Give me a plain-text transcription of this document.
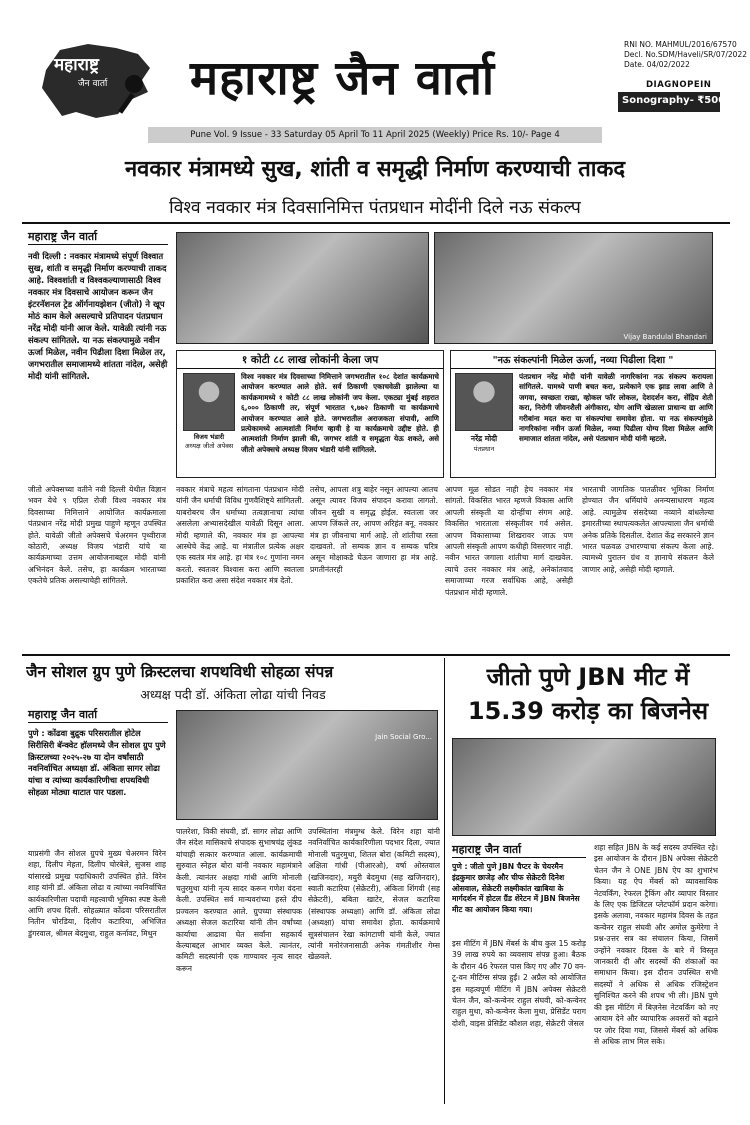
महाराष्ट्र
जैन वार्ता महाराष्ट्र जैन वार्ता
RNI NO. MAHMUL/2016/67570
Decl. No.SDM/Haveli/SR/07/2022
Date. 04/02/2022
DIAGNOPEIN
Sonography- ₹500/-
Pune Vol. 9 Issue - 33 Saturday 05 April To 11 April 2025 (Weekly) Price Rs. 10/- Page 4
नवकार मंत्रामध्ये सुख, शांती व समृद्धी निर्माण करण्याची ताकद
विश्व नवकार मंत्र दिवसानिमित्त पंतप्रधान मोदींनी दिले नऊ संकल्प
महाराष्ट्र जैन वार्ता
नवी दिल्ली : नवकार मंत्रामध्ये संपूर्ण विश्वात सुख, शांती व समृद्धी निर्माण करण्याची ताकद आहे. विश्वशांती व विश्वकल्याणासाठी विश्व नवकार मंत्र दिवसाचे आयोजन करून जैन इंटरनॅशनल ट्रेड ऑर्गनायझेशन (जीतो) ने खूप मोठं काम केले असल्याचे प्रतिपादन पंतप्रधान नरेंद्र मोदी यांनी आज केले. यावेळी त्यांनी नऊ संकल्प सांगितले. या नऊ संकल्पामुळे नवीन ऊर्जा मिळेल, नवीन पिढीला दिशा मिळेल तर, जगभरातील समाजामध्ये शांतता नांदेल, असेही मोदी यांनी सांगितले.
Vijay Bandulal Bhandari
१ कोटी ८८ लाख लोकांनी केला जप
विजय भंडारी
अध्यक्ष जीतो अपेक्स
विश्व नवकार मंत्र दिवसाच्या निमित्ताने जगभरातील १०८ देशांत कार्यक्रमाचे आयोजन करण्यात आले होते. सर्व ठिकाणी एकाचवेळी झालेल्या या कार्यक्रमामध्ये १ कोटी ८८ लाख लोकांनी जप केला. एकट्या मुंबई शहरात ६,००० ठिकाणी तर, संपूर्ण भारतात ९,७७२ ठिकाणी या कार्यक्रमाचे आयोजन करण्यात आले होते. जगभरातील अराजकता संपावी, आणि प्रत्येकामध्ये आत्मशांती निर्माण व्हावी हे या कार्यक्रमाचे उद्दीष्ट होते. ही आत्मशांती निर्माण झाली की, जगभर शांती व समृद्धता येऊ शकते, असे जीतो अपेक्सचे अध्यक्ष विजय भंडारी यांनी सांगितले.
"नऊ संकल्पांनी मिळेल ऊर्जा, नव्या पिढीला दिशा "
नरेंद्र मोदी
पंतप्रधान
पंतप्रधान नरेंद्र मोदी यांनी यावेळी नागरिकांना नऊ संकल्प करायला सांगितले. यामध्ये पाणी बचत करा, प्रत्येकाने एक झाड लावा आणि ते जगवा, स्वच्छता राखा, व्होकल फॉर लोकल, देशदर्शन करा, सेंद्रिय शेती करा, निरोगी जीवनशैली अंगीकारा, योग आणि खेळाला प्राधान्य द्या आणि गरीबांना मदत करा या संकल्पांचा समावेश होता. या नऊ संकल्पांमुळे नागरिकांना नवीन ऊर्जा मिळेल, नव्या पिढीला योग्य दिशा मिळेल आणि समाजात शांतता नांदेल, असे पंतप्रधान मोदी यांनी म्हटले.
जीतो अपेक्सच्या वतीने नवी दिल्ली येथील विज्ञान भवन येथे ९ एप्रिल रोजी विश्व नवकार मंत्र दिवसाच्या निमित्ताने आयोजित कार्यक्रमाला पंतप्रधान नरेंद्र मोदी प्रमुख पाहुणे म्हणून उपस्थित होते. यावेळी जीतो अपेक्सचे चेअरमन पृथ्वीराज कोठारी, अध्यक्ष विजय भंडारी यांचे या कार्यक्रमाच्या उत्तम आयोजनाबद्दल मोदी यांनी अभिनंदन केले. तसेच, हा कार्यक्रम भारताच्या एकतेचे प्रतिक असल्याचेही सांगितले.
नवकार मंत्राचे महत्व सांगताना पंतप्रधान मोदी यांनी जैन धर्माची विविध गुणवैशिष्ट्ये सांगितली. याबरोबरच जैन धर्माच्या तत्वज्ञानाचा त्यांचा असलेला अभ्यासदेखील यावेळी दिसून आला. मोदी म्हणाले की, नवकार मंत्र हा आपल्या आस्थेचे केंद्र आहे. या मंत्रातील प्रत्येक अक्षर एक स्वतंत्र मंत्र आहे. हा मंत्र १०८ गुणांना नमन करतो. स्वतःवर विश्वास करा आणि स्वतःला प्रकाशित करा असा संदेश नवकार मंत्र देतो.
तसेच, आपला शत्रु बाहेर नसून आपल्या आतच असून त्यावर विजय संपादन करावा लागतो. जीवन सुखी व समृद्ध होईल. स्वतःला जर आपण जिंकले तर, आपण अरिहंत बनू. नवकार मंत्र हा जीवनाचा मार्ग आहे. तो शांतीचा रस्ता दाखवतो. तो सम्यक ज्ञान व सम्यक चरित्र असून मोक्षाकडे घेऊन जाणारा हा मंत्र आहे. प्रगतीनंतरही
आपण मूळ सोडत नाही हेच नवकार मंत्र सांगतो. विकसित भारत म्हणजे विकास आणि आपली संस्कृती या दोन्हींचा संगम आहे. विकसित भारताला संस्कृतीवर गर्व असेल. आपण विकासाच्या शिखरावर जाऊ पण आपली संस्कृती आपण कधीही विसरणार नाही. नवीन भारत जगाला शांतीचा मार्ग दाखवेल. त्याचे उत्तर नवकार मंत्र आहे, अनेकांतवाद समाजाच्या गरज सर्वाधिक आहे, असेही पंतप्रधान मोदी म्हणाले.
भारताची जागतिक पातळीवर भूमिका निर्माण होण्यात जैन धर्मियांचे अनन्यसाधारण महत्व आहे. त्यामुळेच संसदेच्या नव्याने बांधलेल्या इमारतीच्या स्थापत्यकलेत आपल्याला जैन धर्माची अनेक प्रतिके दिसतील. देशात केंद्र सरकारने ज्ञान भारत चळवळ उभारण्याचा संकल्प केला आहे. त्यामध्ये पुरातन ग्रंथ व ज्ञानाचे संकलन केले जाणार आहे, असेही मोदी म्हणाले.
जैन सोशल ग्रुप पुणे क्रिस्टलचा शपथविधी सोहळा संपन्न
अध्यक्ष पदी डॉ. अंकिता लोढा यांची निवड
महाराष्ट्र जैन वार्ता
पुणे : कोंढवा बुद्रुक परिसरातील होटेल सिरीसिरी बॅन्क्वेट हॉलमध्ये जैन सोशल ग्रुप पुणे क्रिस्टलच्या २०२५-२७ या दोन वर्षांसाठी नवनिर्वाचित अध्यक्षा डॉ. अंकिता सागर लोढा यांचा व त्यांच्या कार्यकारिणीचा शपथविधी सोहळा मोठ्या थाटात पार पडला.
Jain Social Gro...
याप्रसंगी जैन सोशल ग्रुपचे मुख्य चेअरमन विरेन शहा, दिलीप मेहता, दिलीप चोरबेले, सुजस शाह यांसारखे प्रमुख पदाधिकारी उपस्थित होते. विरेन शाह यांनी डॉ. अंकिता लोढा व त्यांच्या नवनिर्वाचित कार्यकारिणीला पदाची महत्त्वाची भूमिका स्पष्ट केली आणि शपथ दिली. सोहळ्यात कोंढवा परिसरातील नितीन चोरडिया, दिलीप कटारिया, अभिजित डुंगरवाल, श्रीमल बेदमुथा, राहुल कर्नावट, मिथुन
पालरेशा, विकी संघवी, डॉ. सागर लोढा आणि जैन संदेश मासिकाचे संपादक सुभाषचंद्र लुंकड यांचाही सत्कार करण्यात आला. कार्यक्रमाची सुरुवात स्नेहल बोरा यांनी नवकार महामंत्राने केली. त्यानंतर अक्षदा गांधी आणि मोनाली चतुरमुथा यांनी नृत्य सादर करून गणेश वंदना केली. उपस्थित सर्व मान्यवरांच्या हस्ते दीप प्रज्वलन करण्यात आले. ग्रुपच्या संस्थापक अध्यक्षा सेजल कटारिया यांनी तीन वर्षांच्या कार्याचा आढावा घेत सर्वांना सहकार्य केल्याबद्दल आभार व्यक्त केले. त्यानंतर, कमिटी सदस्यांनी एक गाण्यावर नृत्य सादर करून
उपस्थितांना मंत्रमुग्ध केले. विरेन शहा यांनी नवनिर्वाचित कार्यकारिणीला पदभार दिला, ज्यात मोनाली चतुरमुथा, शितल बोरा (कमिटी सदस्य), अक्षिता गांधी (पीआरओ), वर्षा ओस्तवाल (खजिनदार), मयुरी बेदमुथा (सह खजिनदार), स्वाती कटारिया (सेक्रेटरी), अंकिता शिंगवी (सह सेक्रेटरी), बबिता खाटेर, सेजल कटारिया (संस्थापक अध्यक्षा) आणि डॉ. अंकिता लोढा (अध्यक्षा) यांचा समावेश होता. कार्यक्रमाचे सूत्रसंचालन रेखा कांगटाणी यांनी केले, ज्यात त्यांनी मनोरंजनासाठी अनेक गंमतीशीर गेम्स खेळवले.
जीतो पुणे JBN मीट में 15.39 करोड़ का बिजनेस
महाराष्ट्र जैन वार्ता
पुणे : जीतो पुणे JBN चैप्टर के चेयरमैन इंद्रकुमार छाजेड़ और चीफ सेक्रेटरी दिनेश ओसवाल, सेक्रेटरी लक्ष्मीकांत खाबिया के मार्गदर्शन में होटल ग्रैंड शेरेटन में JBN बिजनेस मीट का आयोजन किया गया।
इस मीटिंग में JBN मेंबर्स के बीच कुल 15 करोड़ 39 लाख रुपये का व्यवसाय संपन्न हुआ। बैठक के दौरान 46 रेफरल पास किए गए और 70 वन-टू-वन मीटिंग्स संपन्न हुईं। 2 अप्रैल को आयोजित इस महत्वपूर्ण मीटिंग में JBN अपेक्स सेक्रेटरी चेतन जैन, को-कन्वेनर राहुल संघवी, को-कन्वेनर राहुल मुथा, को-कन्वेनर केला मुथा, प्रेसिडेंट पराग दोशी, वाइस प्रेसिडेंट कौशल शहा, सेक्रेटरी जेसल
शहा सहित JBN के कई सदस्य उपस्थित रहे। इस आयोजन के दौरान JBN अपेक्स सेक्रेटरी चेतन जैन ने ONE JBN ऐप का शुभारंभ किया। यह ऐप मेंबर्स को व्यावसायिक नेटवर्किंग, रेफरल ट्रैकिंग और व्यापार विस्तार के लिए एक डिजिटल प्लेटफॉर्म प्रदान करेगा। इसके अलावा, नवकार महामंत्र दिवस के तहत कन्वेनर राहुल संघवी और अमोल कुमेरेगा ने प्रश्न-उत्तर सत्र का संचालन किया, जिसमें उन्होंने नवकार दिवस के बारे में विस्तृत जानकारी दी और सदस्यों की शंकाओं का समाधान किया। इस दौरान उपस्थित सभी सदस्यों ने अधिक से अधिक रजिस्ट्रेशन सुनिश्चित करने की शपथ भी ली। JBN पुणे की इस मीटिंग में बिज़नेस नेटवर्किंग को नए आयाम देने और व्यापारिक अवसरों को बढ़ाने पर जोर दिया गया, जिससे मेंबर्स को अधिक से अधिक लाभ मिल सके।
